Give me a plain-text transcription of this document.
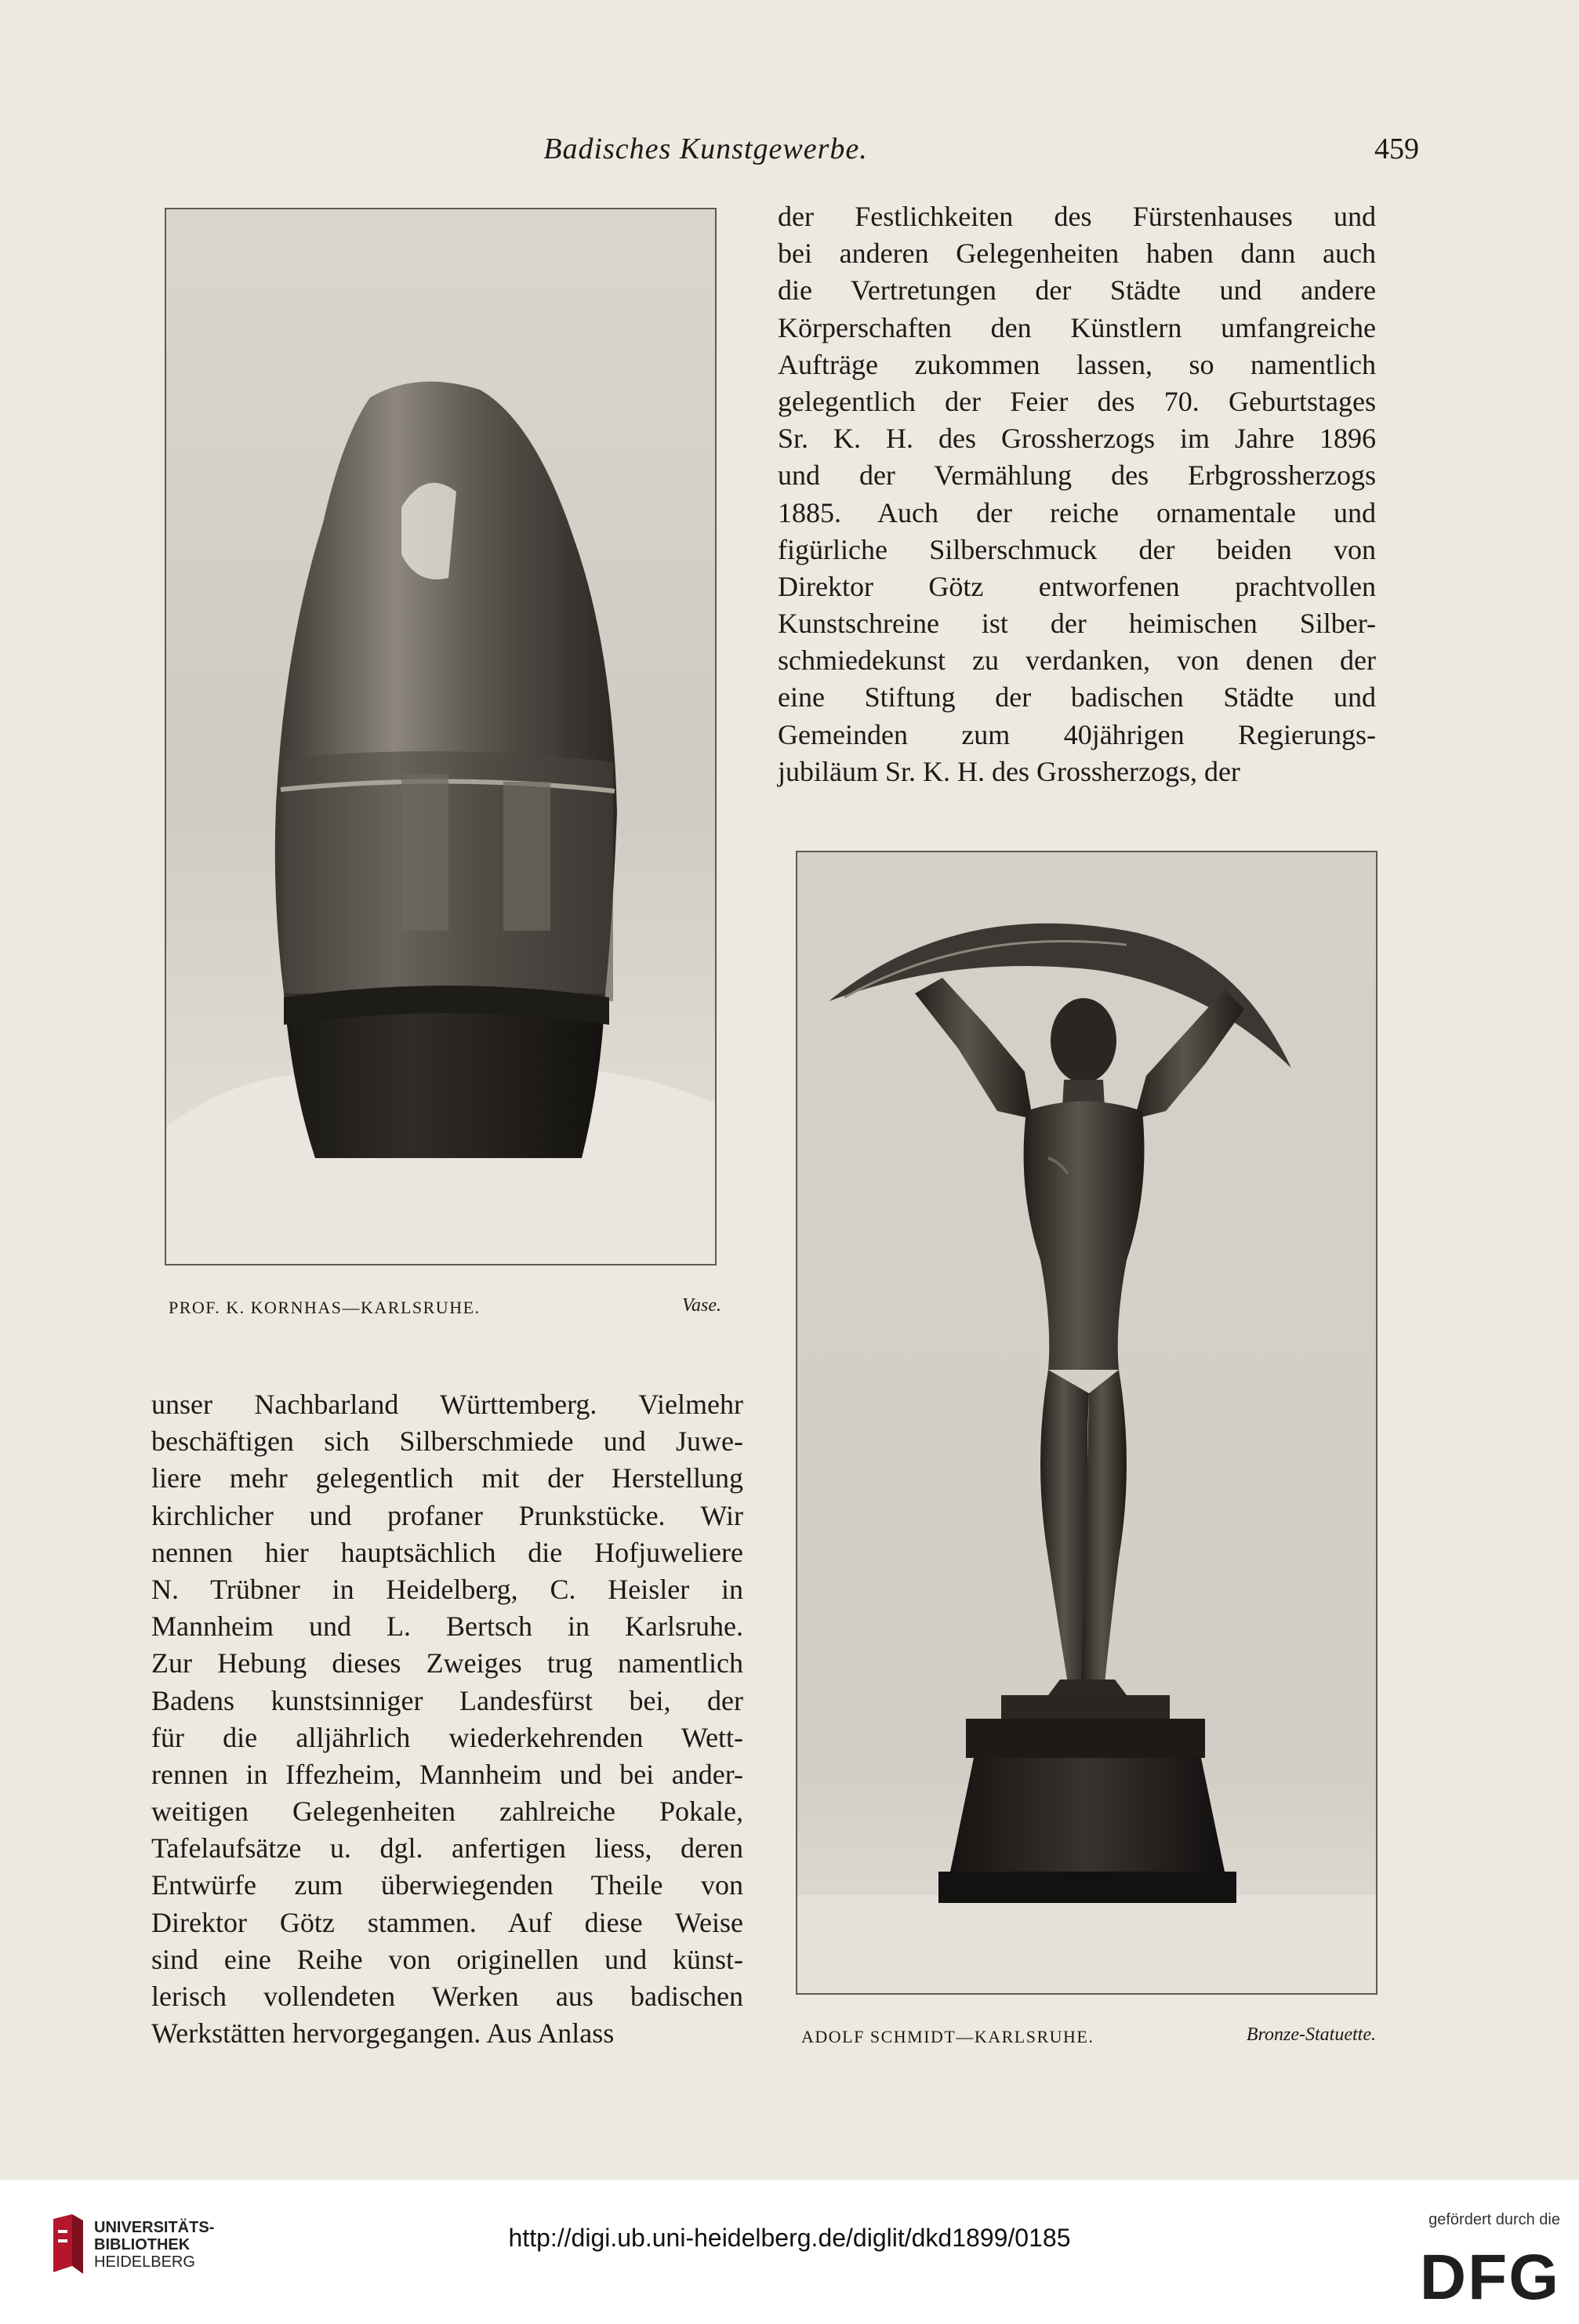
Badisches Kunstgewerbe.	459
PROF. K. KORNHAS—KARLSRUHE.	Vase.
der Festlichkeiten des Fürstenhauses und
bei anderen Gelegenheiten haben dann auch
die Vertretungen der Städte und andere
Körperschaften den Künstlern umfangreiche
Aufträge zukommen lassen, so namentlich
gelegentlich der Feier des 70. Geburtstages
Sr. K. H. des Grossherzogs im Jahre 1896
und der Vermählung des Erbgrossherzogs
1885. Auch der reiche ornamentale und
figürliche Silberschmuck der beiden von
Direktor Götz entworfenen prachtvollen
Kunstschreine ist der heimischen Silber-
schmiedekunst zu verdanken, von denen der
eine Stiftung der badischen Städte und
Gemeinden zum 40jährigen Regierungs-
jubiläum Sr. K. H. des Grossherzogs, der
ADOLF SCHMIDT—KARLSRUHE.	Bronze-Statuette.
unser Nachbarland Württemberg. Vielmehr
beschäftigen sich Silberschmiede und Juwe-
liere mehr gelegentlich mit der Herstellung
kirchlicher und profaner Prunkstücke. Wir
nennen hier hauptsächlich die Hofjuweliere
N. Trübner in Heidelberg, C. Heisler in
Mannheim und L. Bertsch in Karlsruhe.
Zur Hebung dieses Zweiges trug namentlich
Badens kunstsinniger Landesfürst bei, der
für die alljährlich wiederkehrenden Wett-
rennen in Iffezheim, Mannheim und bei ander-
weitigen Gelegenheiten zahlreiche Pokale,
Tafelaufsätze u. dgl. anfertigen liess, deren
Entwürfe zum überwiegenden Theile von
Direktor Götz stammen. Auf diese Weise
sind eine Reihe von originellen und künst-
lerisch vollendeten Werken aus badischen
Werkstätten hervorgegangen. Aus Anlass
UNIVERSITÄTS-
BIBLIOTHEK
HEIDELBERG
http://digi.ub.uni-heidelberg.de/diglit/dkd1899/0185
gefördert durch die
DFG
